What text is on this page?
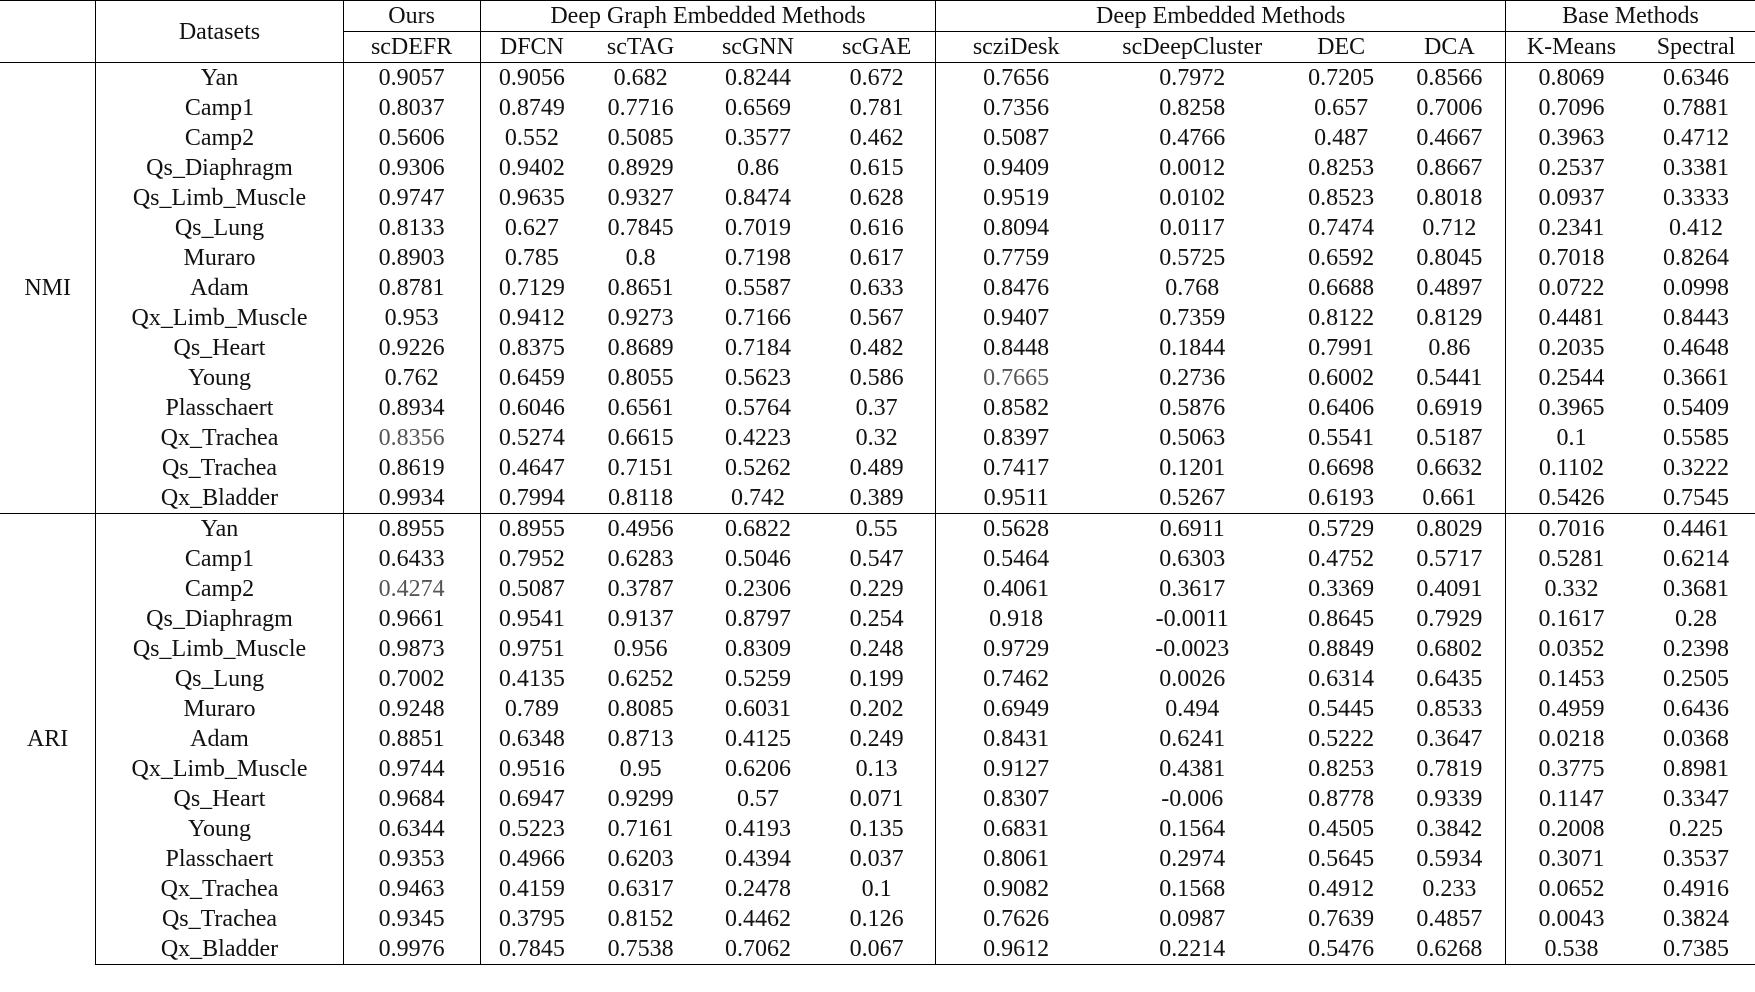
	Datasets	Ours	Deep Graph Embedded Methods				Deep Embedded Methods				Base Methods	
		scDEFR	DFCN	scTAG	scGNN	scGAE	scziDesk	scDeepCluster	DEC	DCA	K-Means	Spectral
NMI	Yan	0.9057	0.9056	0.682	0.8244	0.672	0.7656	0.7972	0.7205	0.8566	0.8069	0.6346
	Camp1	0.8037	0.8749	0.7716	0.6569	0.781	0.7356	0.8258	0.657	0.7006	0.7096	0.7881
	Camp2	0.5606	0.552	0.5085	0.3577	0.462	0.5087	0.4766	0.487	0.4667	0.3963	0.4712
	Qs_Diaphragm	0.9306	0.9402	0.8929	0.86	0.615	0.9409	0.0012	0.8253	0.8667	0.2537	0.3381
	Qs_Limb_Muscle	0.9747	0.9635	0.9327	0.8474	0.628	0.9519	0.0102	0.8523	0.8018	0.0937	0.3333
	Qs_Lung	0.8133	0.627	0.7845	0.7019	0.616	0.8094	0.0117	0.7474	0.712	0.2341	0.412
	Muraro	0.8903	0.785	0.8	0.7198	0.617	0.7759	0.5725	0.6592	0.8045	0.7018	0.8264
	Adam	0.8781	0.7129	0.8651	0.5587	0.633	0.8476	0.768	0.6688	0.4897	0.0722	0.0998
	Qx_Limb_Muscle	0.953	0.9412	0.9273	0.7166	0.567	0.9407	0.7359	0.8122	0.8129	0.4481	0.8443
	Qs_Heart	0.9226	0.8375	0.8689	0.7184	0.482	0.8448	0.1844	0.7991	0.86	0.2035	0.4648
	Young	0.762	0.6459	0.8055	0.5623	0.586	0.7665	0.2736	0.6002	0.5441	0.2544	0.3661
	Plasschaert	0.8934	0.6046	0.6561	0.5764	0.37	0.8582	0.5876	0.6406	0.6919	0.3965	0.5409
	Qx_Trachea	0.8356	0.5274	0.6615	0.4223	0.32	0.8397	0.5063	0.5541	0.5187	0.1	0.5585
	Qs_Trachea	0.8619	0.4647	0.7151	0.5262	0.489	0.7417	0.1201	0.6698	0.6632	0.1102	0.3222
	Qx_Bladder	0.9934	0.7994	0.8118	0.742	0.389	0.9511	0.5267	0.6193	0.661	0.5426	0.7545
ARI	Yan	0.8955	0.8955	0.4956	0.6822	0.55	0.5628	0.6911	0.5729	0.8029	0.7016	0.4461
	Camp1	0.6433	0.7952	0.6283	0.5046	0.547	0.5464	0.6303	0.4752	0.5717	0.5281	0.6214
	Camp2	0.4274	0.5087	0.3787	0.2306	0.229	0.4061	0.3617	0.3369	0.4091	0.332	0.3681
	Qs_Diaphragm	0.9661	0.9541	0.9137	0.8797	0.254	0.918	-0.0011	0.8645	0.7929	0.1617	0.28
	Qs_Limb_Muscle	0.9873	0.9751	0.956	0.8309	0.248	0.9729	-0.0023	0.8849	0.6802	0.0352	0.2398
	Qs_Lung	0.7002	0.4135	0.6252	0.5259	0.199	0.7462	0.0026	0.6314	0.6435	0.1453	0.2505
	Muraro	0.9248	0.789	0.8085	0.6031	0.202	0.6949	0.494	0.5445	0.8533	0.4959	0.6436
	Adam	0.8851	0.6348	0.8713	0.4125	0.249	0.8431	0.6241	0.5222	0.3647	0.0218	0.0368
	Qx_Limb_Muscle	0.9744	0.9516	0.95	0.6206	0.13	0.9127	0.4381	0.8253	0.7819	0.3775	0.8981
	Qs_Heart	0.9684	0.6947	0.9299	0.57	0.071	0.8307	-0.006	0.8778	0.9339	0.1147	0.3347
	Young	0.6344	0.5223	0.7161	0.4193	0.135	0.6831	0.1564	0.4505	0.3842	0.2008	0.225
	Plasschaert	0.9353	0.4966	0.6203	0.4394	0.037	0.8061	0.2974	0.5645	0.5934	0.3071	0.3537
	Qx_Trachea	0.9463	0.4159	0.6317	0.2478	0.1	0.9082	0.1568	0.4912	0.233	0.0652	0.4916
	Qs_Trachea	0.9345	0.3795	0.8152	0.4462	0.126	0.7626	0.0987	0.7639	0.4857	0.0043	0.3824
	Qx_Bladder	0.9976	0.7845	0.7538	0.7062	0.067	0.9612	0.2214	0.5476	0.6268	0.538	0.7385
